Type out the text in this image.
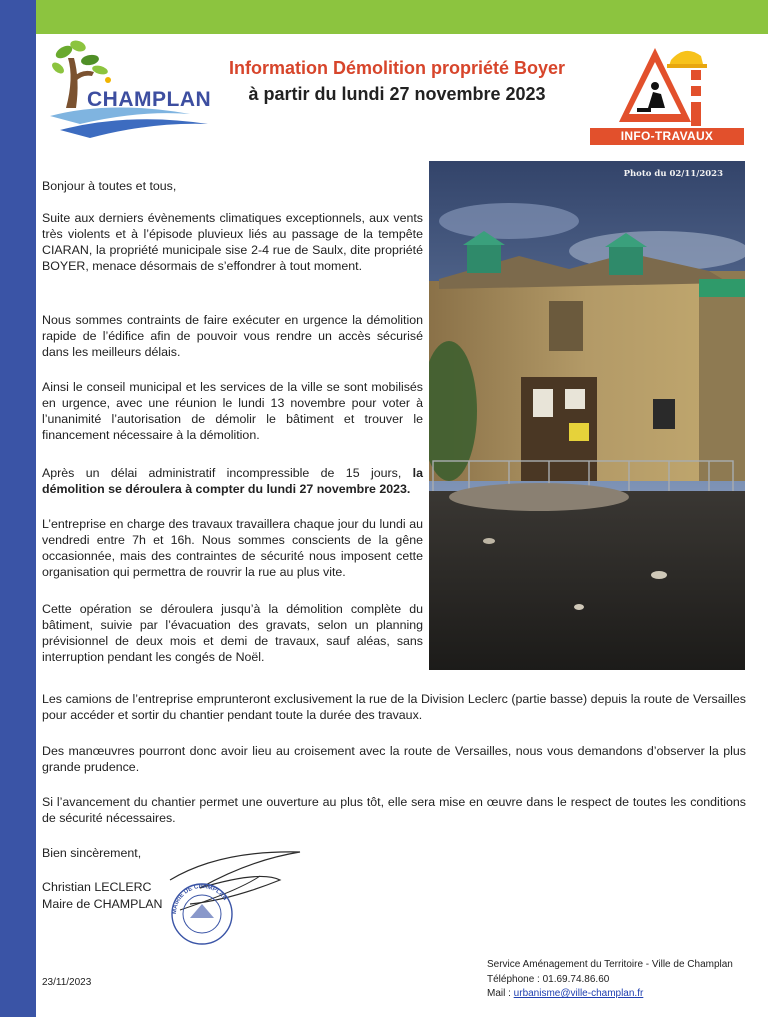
CHAMPLAN
Information Démolition propriété Boyer
à partir du lundi 27 novembre 2023
INFO-TRAVAUX

Bonjour à toutes et tous,

Suite aux derniers évènements climatiques exceptionnels, aux vents très violents et à l’épisode pluvieux liés au passage de la tempête CIARAN, la propriété municipale sise 2-4 rue de Saulx, dite propriété BOYER, menace désormais de s’effondrer à tout moment.

Nous sommes contraints de faire exécuter en urgence la démolition rapide de l’édifice afin de pouvoir vous rendre un accès sécurisé dans les meilleurs délais.

Ainsi le conseil municipal et les services de la ville se sont mobilisés en urgence, avec une réunion le lundi 13 novembre pour voter à l’unanimité l’autorisation de démolir le bâtiment et trouver le financement nécessaire à la démolition.

Après un délai administratif incompressible de 15 jours, la démolition se déroulera à compter du lundi 27 novembre 2023.

L’entreprise en charge des travaux travaillera chaque jour du lundi au vendredi entre 7h et 16h. Nous sommes conscients de la gêne occasionnée, mais des contraintes de sécurité nous imposent cette organisation qui permettra de rouvrir la rue au plus vite.

Cette opération se déroulera jusqu’à la démolition complète du bâtiment, suivie par l’évacuation des gravats, selon un planning prévisionnel de deux mois et demi de travaux, sauf aléas, sans interruption pendant les congés de Noël.

Photo du 02/11/2023

Les camions de l’entreprise emprunteront exclusivement la rue de la Division Leclerc (partie basse) depuis la route de Versailles pour accéder et sortir du chantier pendant toute la durée des travaux.

Des manœuvres pourront donc avoir lieu au croisement avec la route de Versailles, nous vous demandons d’observer la plus grande prudence.

Si l’avancement du chantier permet une ouverture au plus tôt, elle sera mise en œuvre dans le respect de toutes les conditions de sécurité nécessaires.

Bien sincèrement,

Christian LECLERC

Maire de CHAMPLAN

MAIRIE DE CHAMPLAN
23/11/2023
Service Aménagement du Territoire - Ville de Champlan
Téléphone : 01.69.74.86.60
Mail : urbanisme@ville-champlan.fr
